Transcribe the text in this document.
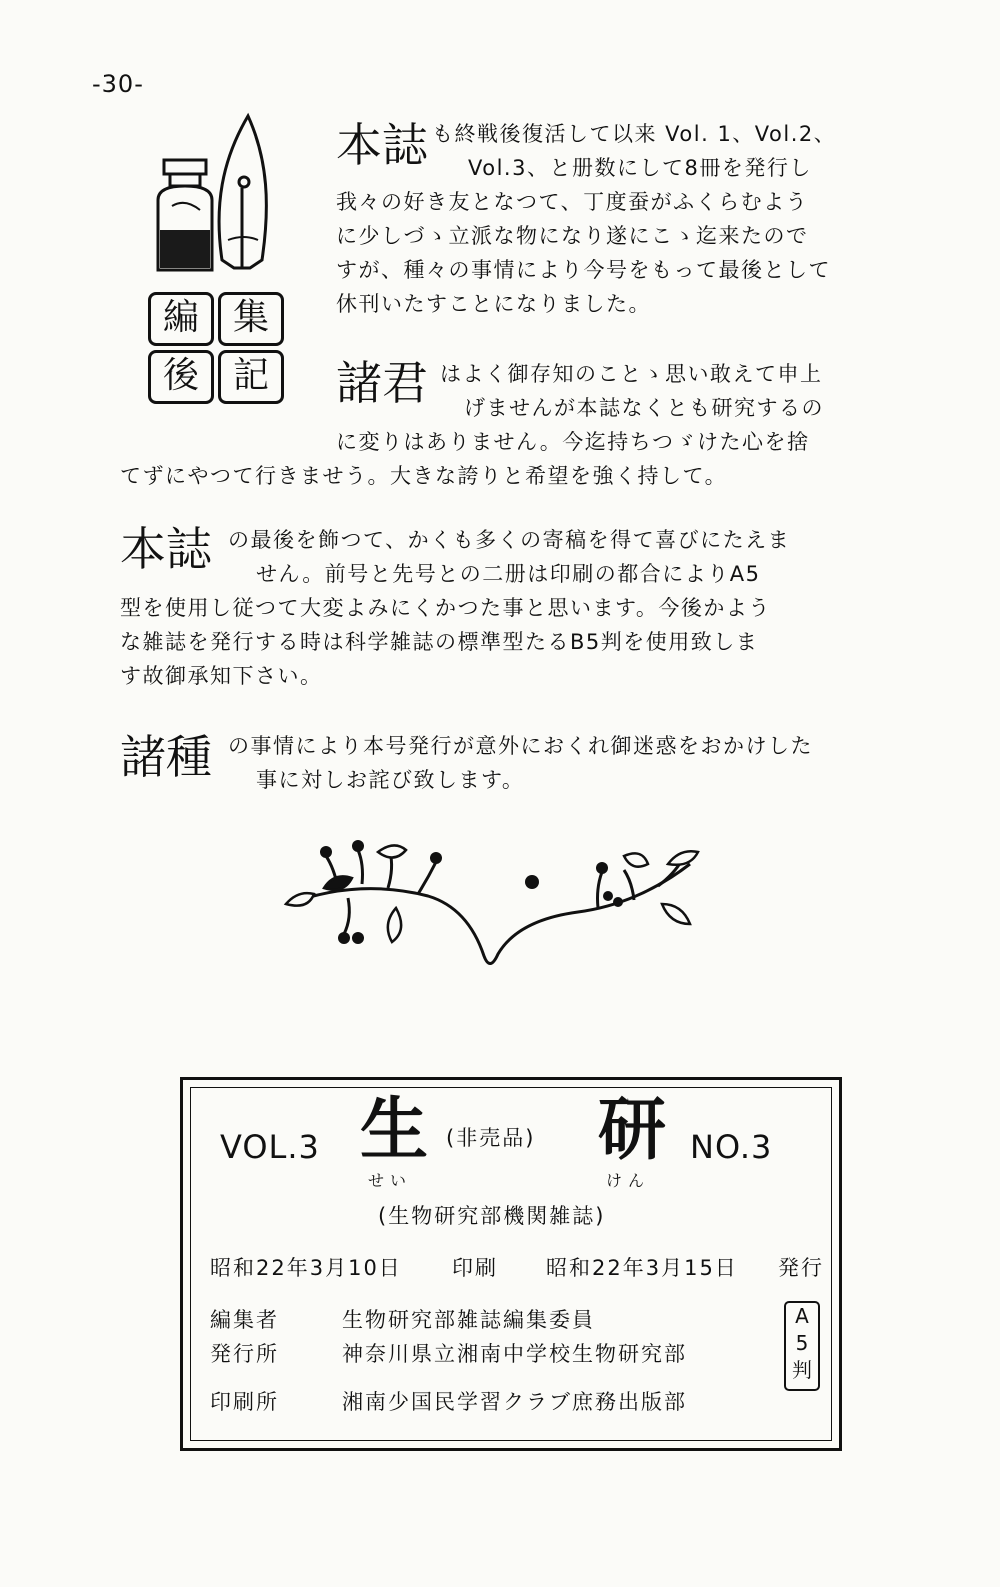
-30-
編 集
後 記
本誌 も終戦後復活して以来 Vol. 1、Vol.2、

Vol.3、と册数にして8冊を発行し

我々の好き友となつて、丁度蚕がふくらむよう

に少しづゝ立派な物になり遂にこゝ迄来たので

すが、種々の事情により今号をもって最後として

休刊いたすことになりました。

諸君 はよく御存知のことゝ思い敢えて申上

げませんが本誌なくとも研究するの

に変りはありません。今迄持ちつゞけた心を捨

てずにやつて行きませう。大きな誇りと希望を強く持して。

本誌 の最後を飾つて、かくも多くの寄稿を得て喜びにたえま

せん。前号と先号との二册は印刷の都合によりA5

型を使用し従つて大変よみにくかつた事と思います。今後かよう

な雑誌を発行する時は科学雑誌の標準型たるB5判を使用致しま

す故御承知下さい。

諸種 の事情により本号発行が意外におくれ御迷惑をおかけした

事に対しお詫び致します。

VOL.3 生
せい
(非売品) 研
けん
NO.3
(生物研究部機関雑誌)
昭和22年3月10日 印刷 昭和22年3月15日 発行
編集者	生物研究部雑誌編集委員
発行所	神奈川県立湘南中学校生物研究部
印刷所	湘南少国民学習クラブ庶務出版部
A
5
判
